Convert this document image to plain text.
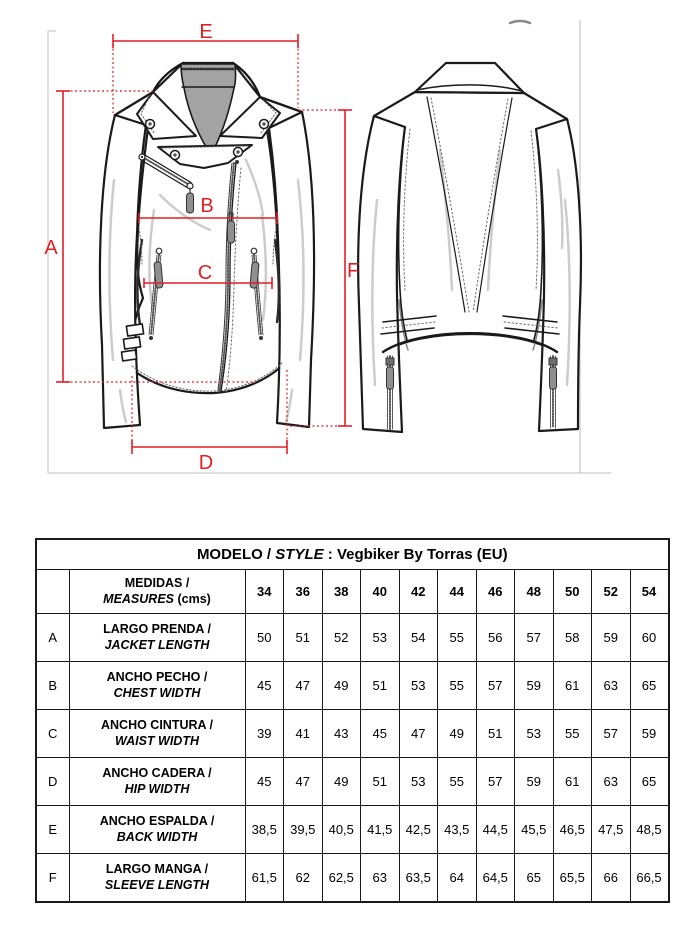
E
A
B
C
D
F
MODELO / STYLE : Vegbiker By Torras (EU)												

	MEDIDAS /
MEASURES (cms)	34	36	38	40	42	44	46	48	50	52	54
A	LARGO PRENDA /
JACKET LENGTH	50	51	52	53	54	55	56	57	58	59	60
B	ANCHO PECHO /
CHEST WIDTH	45	47	49	51	53	55	57	59	61	63	65
C	ANCHO CINTURA /
WAIST WIDTH	39	41	43	45	47	49	51	53	55	57	59
D	ANCHO CADERA /
HIP WIDTH	45	47	49	51	53	55	57	59	61	63	65
E	ANCHO ESPALDA /
BACK WIDTH	38,5	39,5	40,5	41,5	42,5	43,5	44,5	45,5	46,5	47,5	48,5
F	LARGO MANGA /
SLEEVE LENGTH	61,5	62	62,5	63	63,5	64	64,5	65	65,5	66	66,5
